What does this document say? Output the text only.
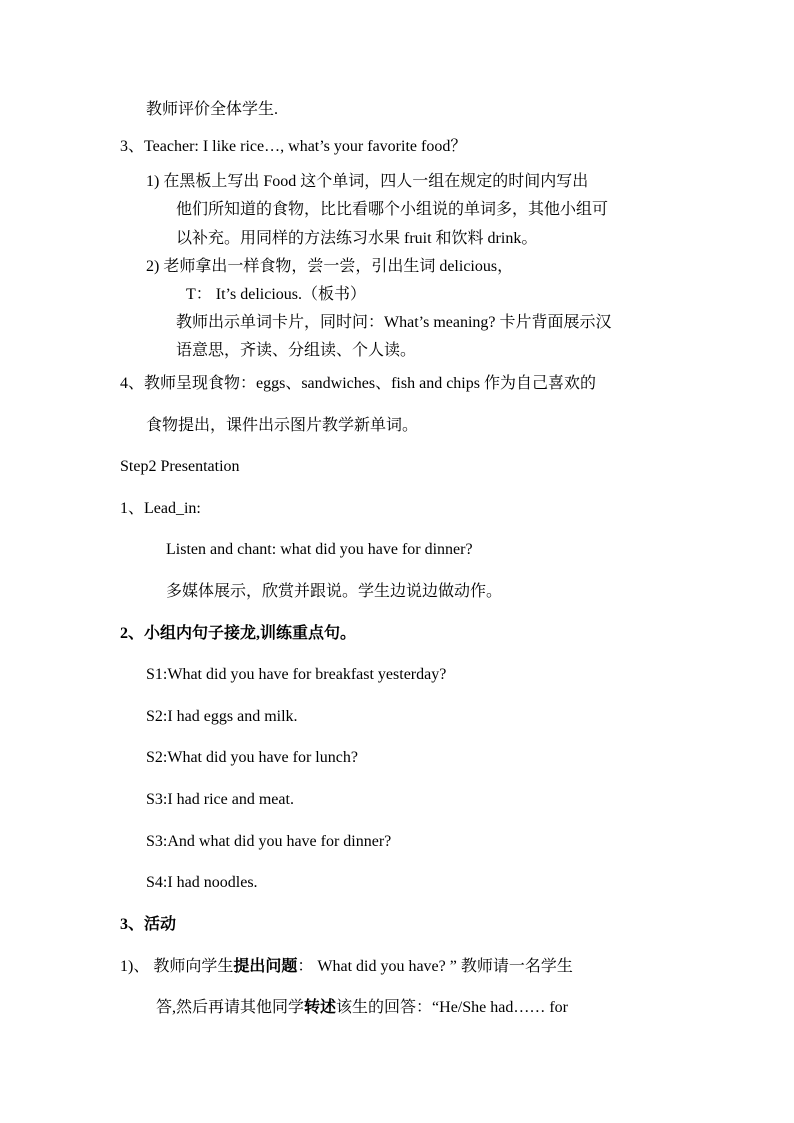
教师评价全体学生.
3、Teacher: I like rice…, what’s your favorite food？
1) 在黑板上写出 Food 这个单词，四人一组在规定的时间内写出
他们所知道的食物，比比看哪个小组说的单词多，其他小组可
以补充。用同样的方法练习水果 fruit 和饮料 drink。
2) 老师拿出一样食物，尝一尝，引出生词 delicious，
T： It’s delicious.（板书）
教师出示单词卡片，同时问：What’s meaning? 卡片背面展示汉
语意思，齐读、分组读、个人读。
4、教师呈现食物：eggs、sandwiches、fish and chips 作为自己喜欢的
食物提出，课件出示图片教学新单词。
Step2 Presentation
1、Lead_in:
Listen and chant: what did you have for dinner?
多媒体展示，欣赏并跟说。学生边说边做动作。
2、小组内句子接龙,训练重点句。
S1:What did you have for breakfast yesterday?
S2:I had eggs and milk.
S2:What did you have for lunch?
S3:I had rice and meat.
S3:And what did you have for dinner?
S4:I had noodles.
3、活动
1)、 教师向学生提出问题： What did you have? ” 教师请一名学生
答,然后再请其他同学转述该生的回答：“He/She had…… for
